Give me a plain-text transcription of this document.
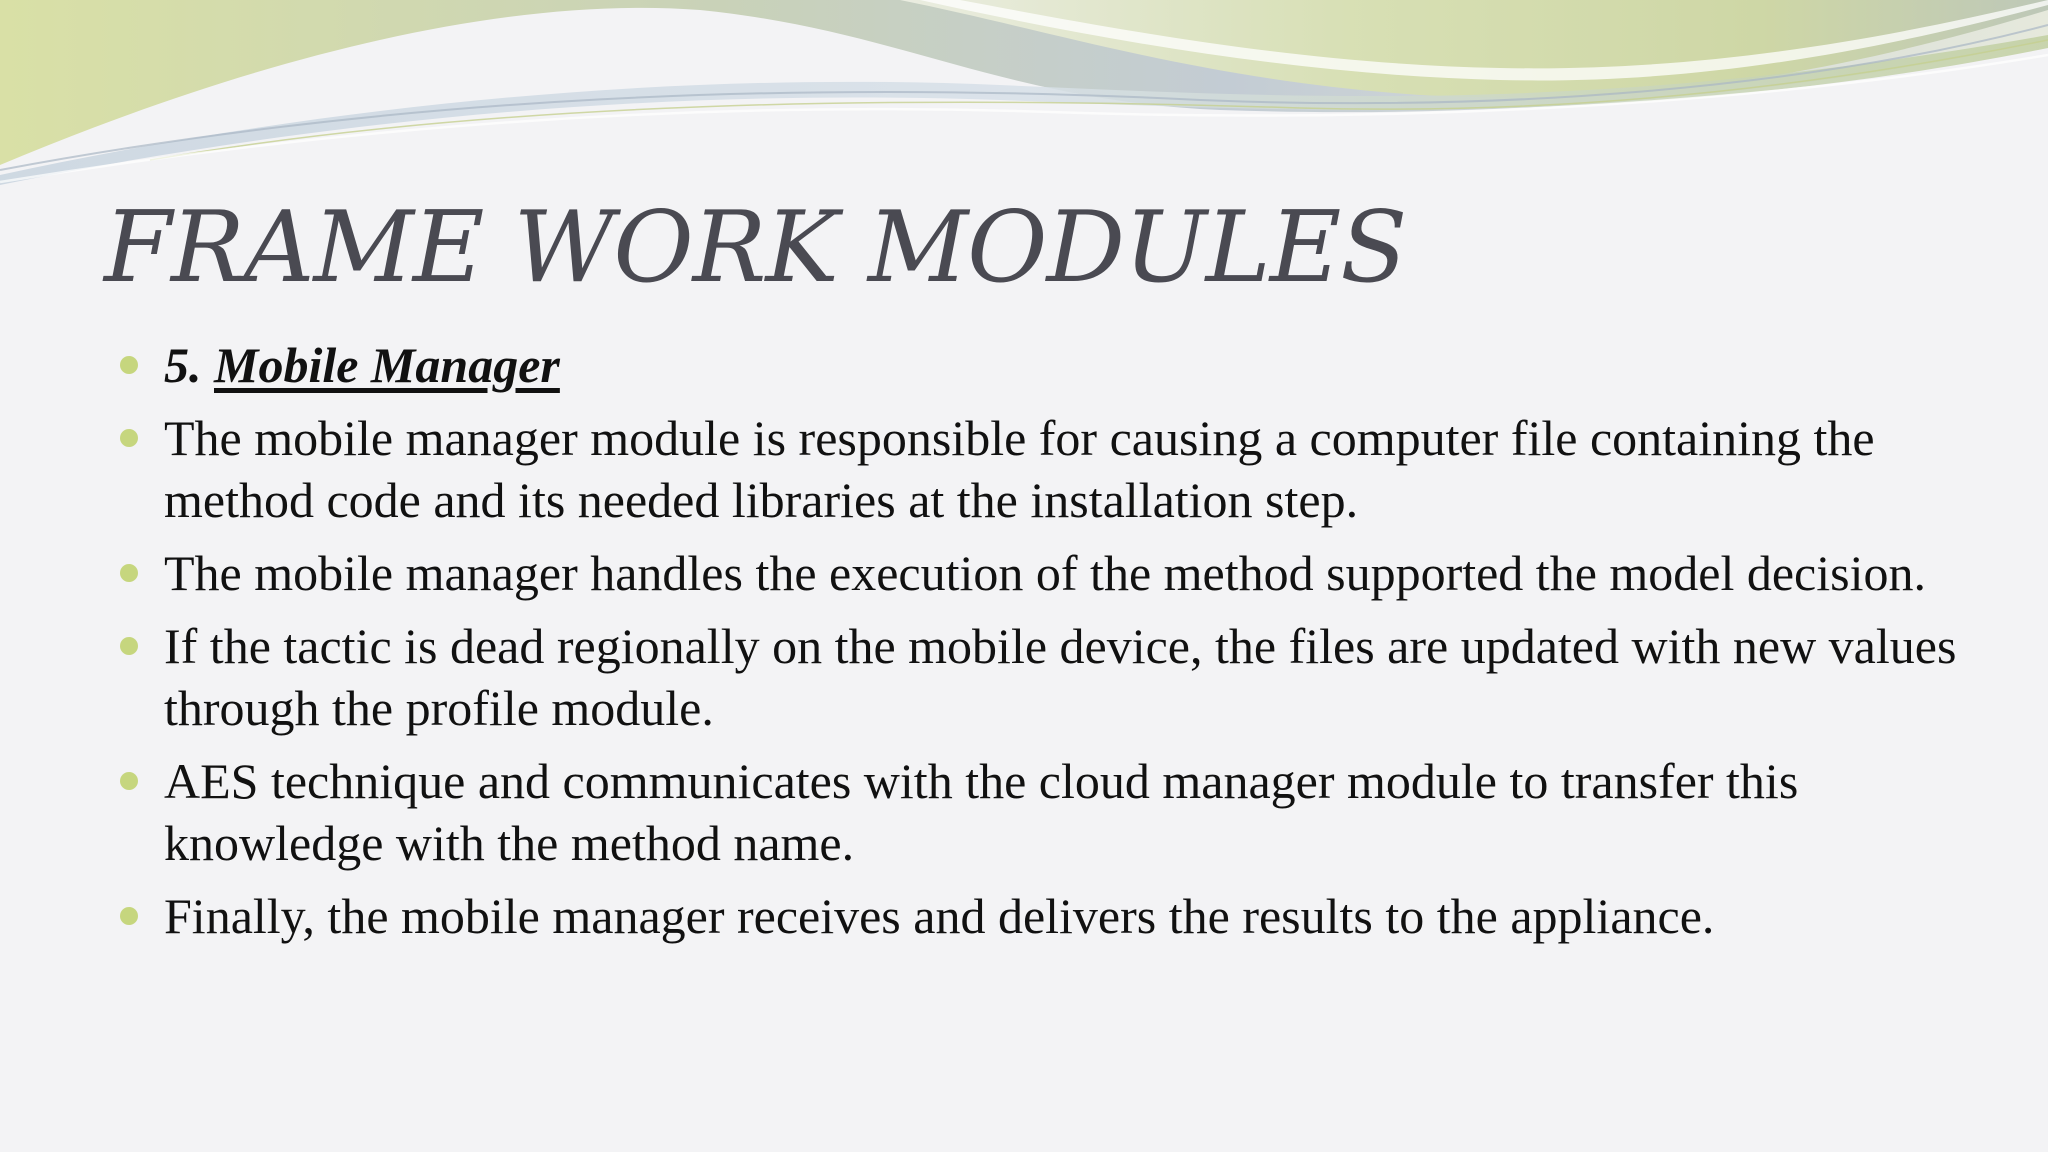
FRAME WORK MODULES
5. Mobile Manager
The mobile manager module is responsible for causing a computer file containing the method code and its needed libraries at the installation step.
The mobile manager handles the execution of the method supported the model decision.
If the tactic is dead regionally on the mobile device, the files are updated with new values through the profile module.
AES technique and communicates with the cloud manager module to transfer this knowledge with the method name.
Finally, the mobile manager receives and delivers the results to the appliance.
